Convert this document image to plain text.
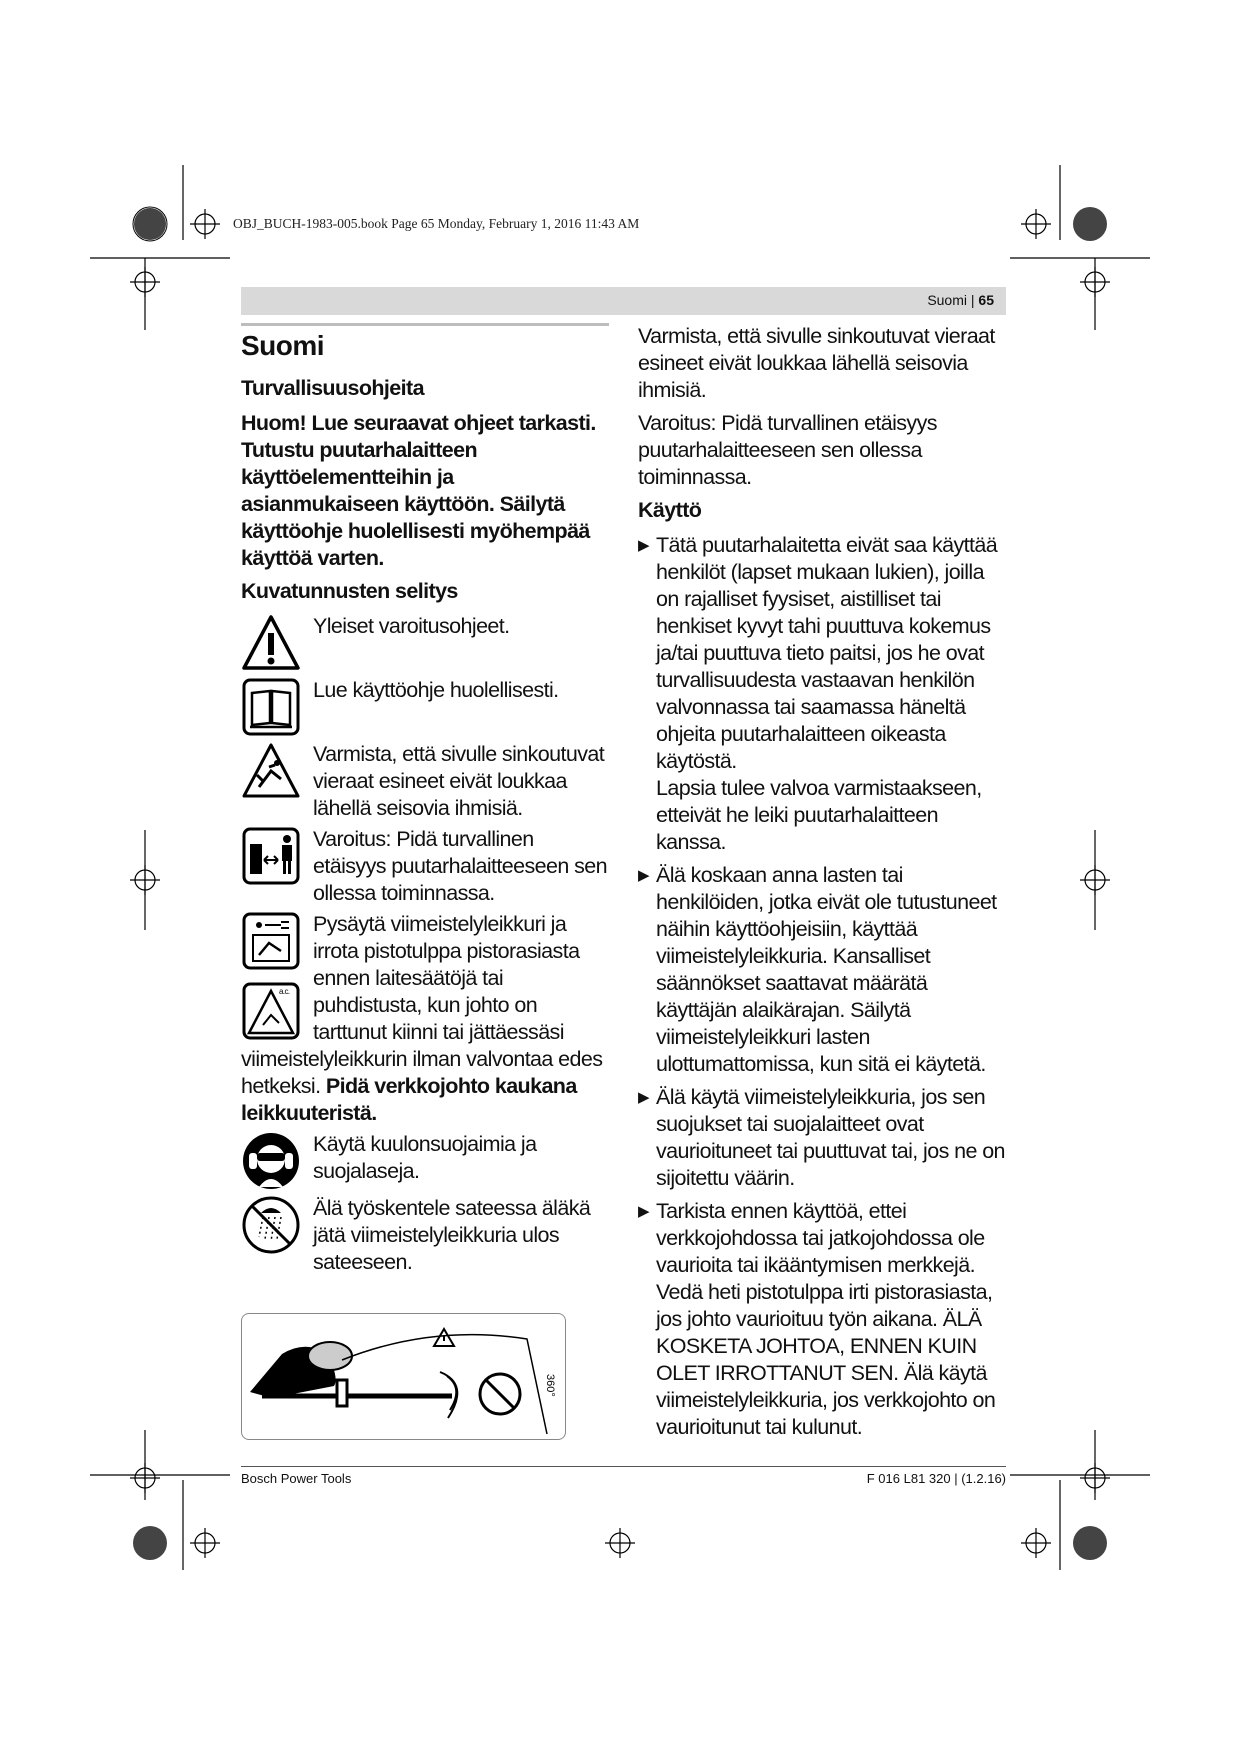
OBJ_BUCH-1983-005.book Page 65 Monday, February 1, 2016 11:43 AM
Suomi | 65
Suomi
Turvallisuusohjeita

Huom! Lue seuraavat ohjeet tarkasti. Tutustu puutarhalaitteen käyttöelementteihin ja asianmukaiseen käyttöön. Säilytä käyttöohje huolellisesti myöhempää käyttöä varten.

Kuvatunnusten selitys
Yleiset varoitusohjeet.
Lue käyttöohje huolellisesti.
Varmista, että sivulle sinkoutuvat vieraat esineet eivät loukkaa lähellä seisovia ihmisiä.
Varoitus: Pidä turvallinen etäisyys puutarhalaitteeseen sen ollessa toiminnassa.
a.c.
Pysäytä viimeistelyleikkuri ja irrota pistotulppa pistorasiasta ennen laitesäätöjä tai puhdistusta, kun johto on tarttunut kiinni tai jättäessäsi viimeistelyleikkurin ilman valvontaa edes hetkeksi. Pidä verkkojohto kaukana leikkuuteristä.
Käytä kuulonsuojaimia ja suojalaseja.
Älä työskentele sateessa äläkä jätä viimeistelyleikkuria ulos sateeseen.
360°

Varmista, että sivulle sinkoutuvat vieraat esineet eivät loukkaa lähellä seisovia ihmisiä.

Varoitus: Pidä turvallinen etäisyys puutarhalaitteeseen sen ollessa toiminnassa.

Käyttö
▶ Tätä puutarhalaitetta eivät saa käyttää henkilöt (lapset mukaan lukien), joilla on rajalliset fyysiset, aistilliset tai henkiset kyvyt tahi puuttuva kokemus ja/tai puuttuva tieto paitsi, jos he ovat turvallisuudesta vastaavan henkilön valvonnassa tai saamassa häneltä ohjeita puutarhalaitteen oikeasta käytöstä.
Lapsia tulee valvoa varmistaakseen, etteivät he leiki puutarhalaitteen kanssa.
▶ Älä koskaan anna lasten tai henkilöiden, jotka eivät ole tutustuneet näihin käyttöohjeisiin, käyttää viimeistelyleikkuria. Kansalliset säännökset saattavat määrätä käyttäjän alaikärajan. Säilytä viimeistelyleikkuri lasten ulottumattomissa, kun sitä ei käytetä.
▶ Älä käytä viimeistelyleikkuria, jos sen suojukset tai suojalaitteet ovat vaurioituneet tai puuttuvat tai, jos ne on sijoitettu väärin.
▶ Tarkista ennen käyttöä, ettei verkkojohdossa tai jatkojohdossa ole vaurioita tai ikääntymisen merkkejä. Vedä heti pistotulppa irti pistorasiasta, jos johto vaurioituu työn aikana. ÄLÄ KOSKETA JOHTOA, ENNEN KUIN OLET IRROTTANUT SEN. Älä käytä viimeistelyleikkuria, jos verkkojohto on vaurioitunut tai kulunut.
Bosch Power Tools	F 016 L81 320 | (1.2.16)
